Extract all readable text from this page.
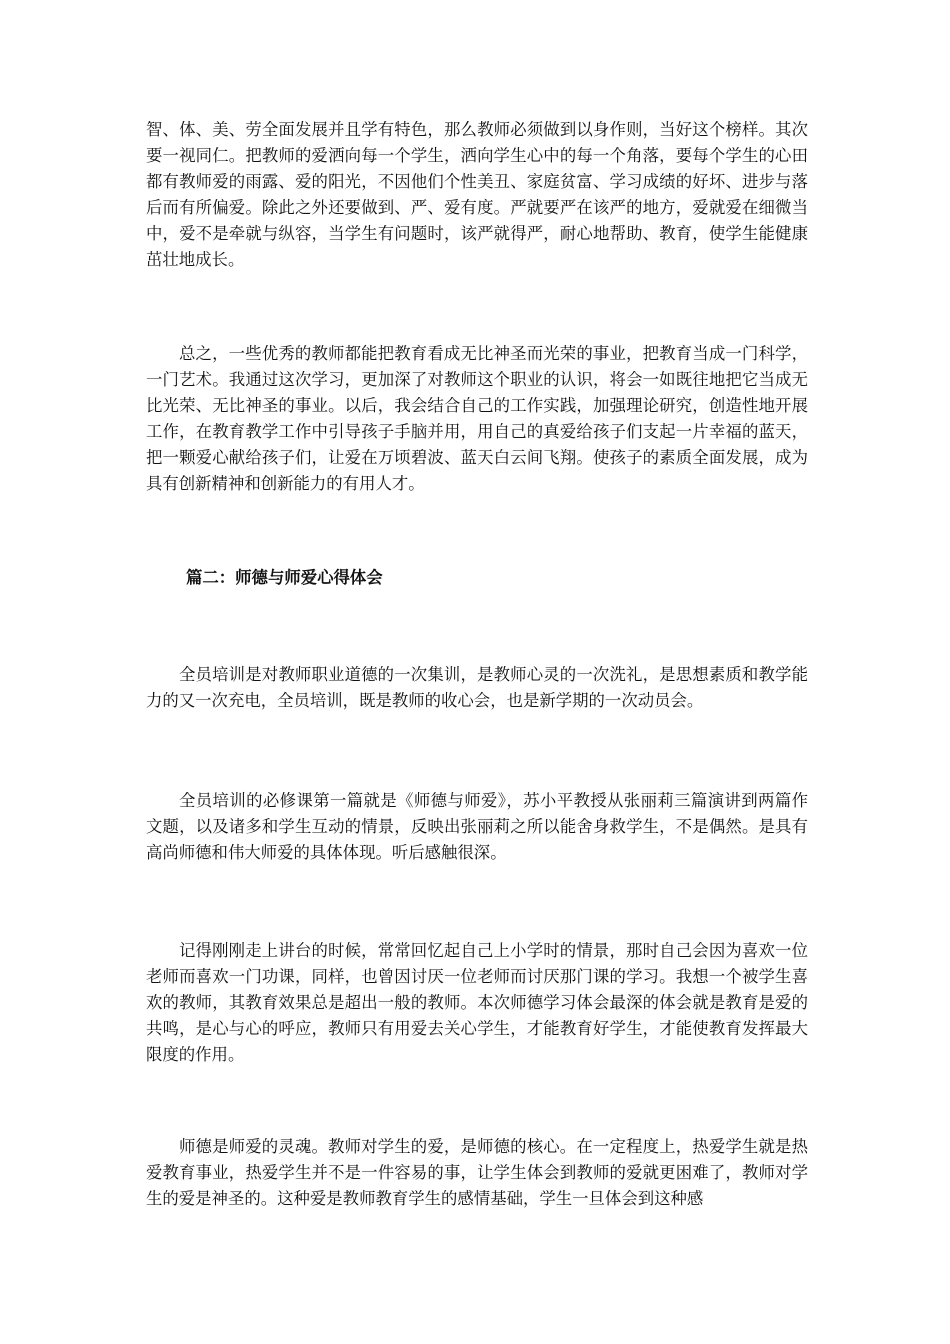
智、体、美、劳全面发展并且学有特色，那么教师必须做到以身作则，当好这个榜样。其次要一视同仁。把教师的爱洒向每一个学生，洒向学生心中的每一个角落，要每个学生的心田都有教师爱的雨露、爱的阳光，不因他们个性美丑、家庭贫富、学习成绩的好坏、进步与落后而有所偏爱。除此之外还要做到、严、爱有度。严就要严在该严的地方，爱就爱在细微当中，爱不是牵就与纵容，当学生有问题时，该严就得严，耐心地帮助、教育，使学生能健康茁壮地成长。

总之，一些优秀的教师都能把教育看成无比神圣而光荣的事业，把教育当成一门科学，一门艺术。我通过这次学习，更加深了对教师这个职业的认识，将会一如既往地把它当成无比光荣、无比神圣的事业。以后，我会结合自己的工作实践，加强理论研究，创造性地开展工作，在教育教学工作中引导孩子手脑并用，用自己的真爱给孩子们支起一片幸福的蓝天，把一颗爱心献给孩子们，让爱在万顷碧波、蓝天白云间飞翔。使孩子的素质全面发展，成为具有创新精神和创新能力的有用人才。

篇二：师德与师爱心得体会

全员培训是对教师职业道德的一次集训，是教师心灵的一次洗礼，是思想素质和教学能力的又一次充电，全员培训，既是教师的收心会，也是新学期的一次动员会。

全员培训的必修课第一篇就是《师德与师爱》，苏小平教授从张丽莉三篇演讲到两篇作文题，以及诸多和学生互动的情景，反映出张丽莉之所以能舍身救学生，不是偶然。是具有高尚师德和伟大师爱的具体体现。听后感触很深。

记得刚刚走上讲台的时候，常常回忆起自己上小学时的情景，那时自己会因为喜欢一位老师而喜欢一门功课，同样，也曾因讨厌一位老师而讨厌那门课的学习。我想一个被学生喜欢的教师，其教育效果总是超出一般的教师。本次师德学习体会最深的体会就是教育是爱的共鸣，是心与心的呼应，教师只有用爱去关心学生，才能教育好学生，才能使教育发挥最大限度的作用。

师德是师爱的灵魂。教师对学生的爱，是师德的核心。在一定程度上，热爱学生就是热爱教育事业，热爱学生并不是一件容易的事，让学生体会到教师的爱就更困难了，教师对学生的爱是神圣的。这种爱是教师教育学生的感情基础，学生一旦体会到这种感
